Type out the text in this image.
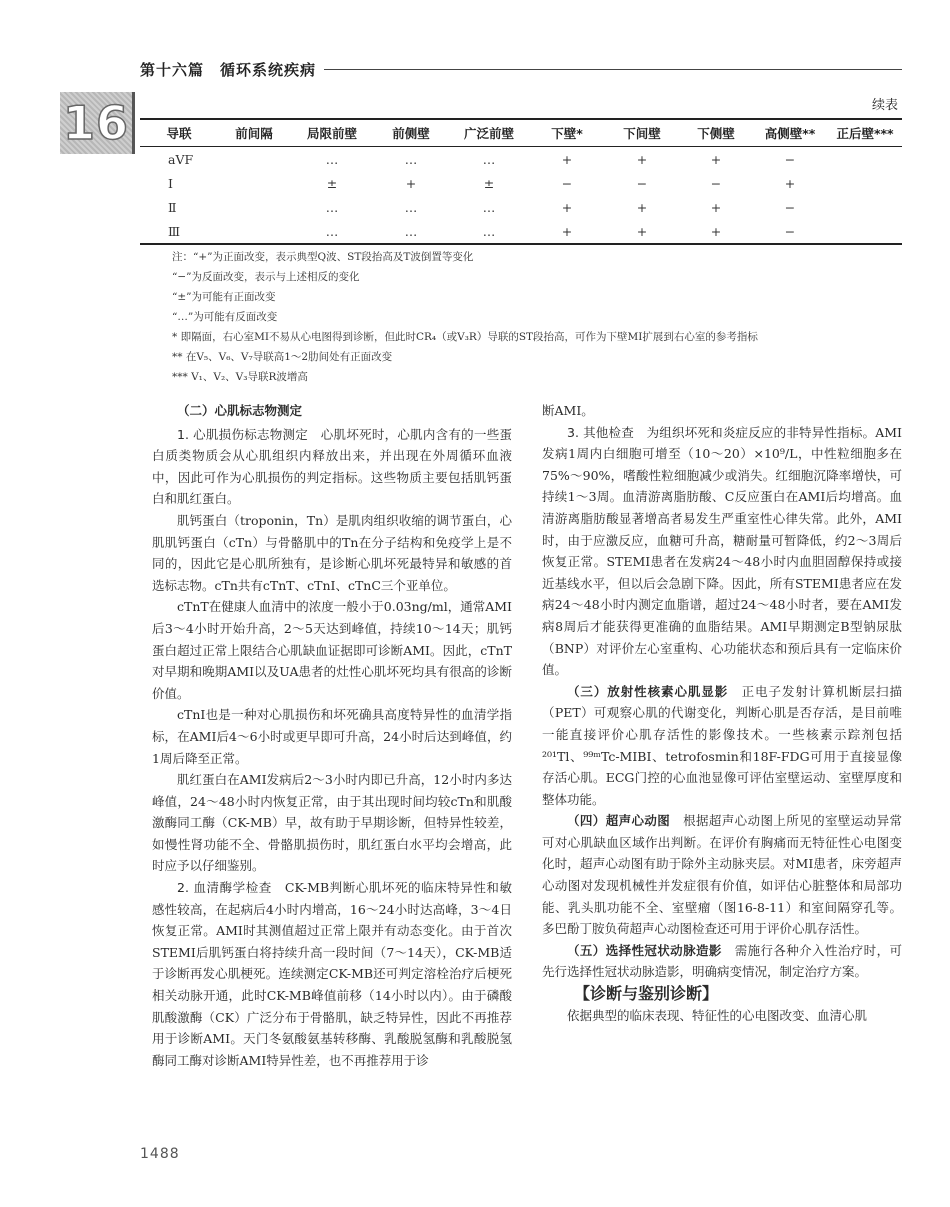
第十六篇　循环系统疾病
16	续表
导联	前间隔	局限前壁	前侧壁	广泛前壁	下壁*	下间壁	下侧壁	高侧壁**	正后壁***
aVF		…	…	…	+	+	+	−	
Ⅰ		±	+	±	−	−	−	+	
Ⅱ		…	…	…	+	+	+	−	
Ⅲ		…	…	…	+	+	+	−	

注：“+”为正面改变，表示典型Q波、ST段抬高及T波倒置等变化

“−”为反面改变，表示与上述相反的变化

“±”为可能有正面改变

“…”为可能有反面改变

* 即隔面，右心室MI不易从心电图得到诊断，但此时CR₄（或V₃R）导联的ST段抬高，可作为下壁MI扩展到右心室的参考指标

** 在V₅、V₆、V₇导联高1～2肋间处有正面改变

*** V₁、V₂、V₃导联R波增高

（二）心肌标志物测定

1. 心肌损伤标志物测定　 心肌坏死时，心肌内含有的一些蛋白质类物质会从心肌组织内释放出来，并出现在外周循环血液中，因此可作为心肌损伤的判定指标。这些物质主要包括肌钙蛋白和肌红蛋白。

肌钙蛋白（troponin，Tn）是肌肉组织收缩的调节蛋白，心肌肌钙蛋白（cTn）与骨骼肌中的Tn在分子结构和免疫学上是不同的，因此它是心肌所独有，是诊断心肌坏死最特异和敏感的首选标志物。cTn共有cTnT、cTnI、cTnC三个亚单位。

cTnT在健康人血清中的浓度一般小于0.03ng/ml，通常AMI后3～4小时开始升高，2～5天达到峰值，持续10～14天；肌钙蛋白超过正常上限结合心肌缺血证据即可诊断AMI。因此，cTnT对早期和晚期AMI以及UA患者的灶性心肌坏死均具有很高的诊断价值。

cTnI也是一种对心肌损伤和坏死确具高度特异性的血清学指标，在AMI后4～6小时或更早即可升高，24小时后达到峰值，约1周后降至正常。

肌红蛋白在AMI发病后2～3小时内即已升高，12小时内多达峰值，24～48小时内恢复正常，由于其出现时间均较cTn和肌酸激酶同工酶（CK-MB）早，故有助于早期诊断，但特异性较差，如慢性肾功能不全、骨骼肌损伤时，肌红蛋白水平均会增高，此时应予以仔细鉴别。

2. 血清酶学检查　 CK-MB判断心肌坏死的临床特异性和敏感性较高，在起病后4小时内增高，16～24小时达高峰，3～4日恢复正常。AMI时其测值超过正常上限并有动态变化。由于首次STEMI后肌钙蛋白将持续升高一段时间（7～14天），CK-MB适于诊断再发心肌梗死。连续测定CK-MB还可判定溶栓治疗后梗死相关动脉开通，此时CK-MB峰值前移（14小时以内）。由于磷酸肌酸激酶（CK）广泛分布于骨骼肌，缺乏特异性，因此不再推荐用于诊断AMI。天门冬氨酸氨基转移酶、乳酸脱氢酶和乳酸脱氢酶同工酶对诊断AMI特异性差，也不再推荐用于诊

断AMI。

3. 其他检查　 为组织坏死和炎症反应的非特异性指标。AMI发病1周内白细胞可增至（10～20）×10⁹/L，中性粒细胞多在75%～90%，嗜酸性粒细胞减少或消失。红细胞沉降率增快，可持续1～3周。血清游离脂肪酸、C反应蛋白在AMI后均增高。血清游离脂肪酸显著增高者易发生严重室性心律失常。此外，AMI时，由于应激反应，血糖可升高，糖耐量可暂降低，约2～3周后恢复正常。STEMI患者在发病24～48小时内血胆固醇保持或接近基线水平，但以后会急剧下降。因此，所有STEMI患者应在发病24～48小时内测定血脂谱，超过24～48小时者，要在AMI发病8周后才能获得更准确的血脂结果。AMI早期测定B型钠尿肽（BNP）对评价左心室重构、心功能状态和预后具有一定临床价值。

（三）放射性核素心肌显影　 正电子发射计算机断层扫描（PET）可观察心肌的代谢变化，判断心肌是否存活，是目前唯一能直接评价心肌存活性的影像技术。一些核素示踪剂包括²⁰¹Tl、⁹⁹ᵐTc-MIBI、tetrofosmin和18F-FDG可用于直接显像存活心肌。ECG门控的心血池显像可评估室壁运动、室壁厚度和整体功能。

（四）超声心动图　 根据超声心动图上所见的室壁运动异常可对心肌缺血区域作出判断。在评价有胸痛而无特征性心电图变化时，超声心动图有助于除外主动脉夹层。对MI患者，床旁超声心动图对发现机械性并发症很有价值，如评估心脏整体和局部功能、乳头肌功能不全、室壁瘤（图16-8-11）和室间隔穿孔等。多巴酚丁胺负荷超声心动图检查还可用于评价心肌存活性。

（五）选择性冠状动脉造影　 需施行各种介入性治疗时，可先行选择性冠状动脉造影，明确病变情况，制定治疗方案。

【诊断与鉴别诊断】

依据典型的临床表现、特征性的心电图改变、血清心肌

1488
